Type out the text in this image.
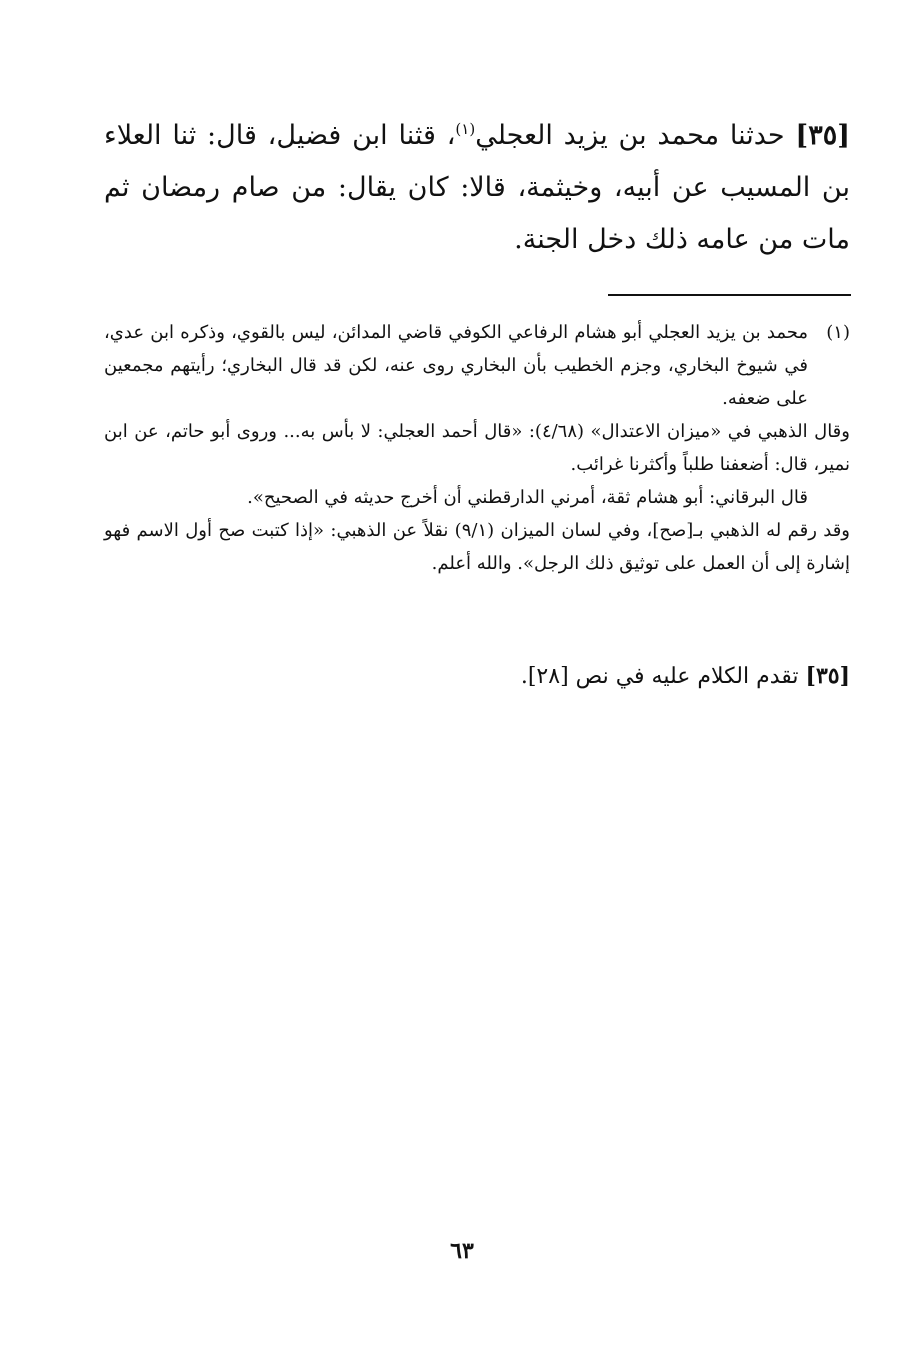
[٣٥] حدثنا محمد بن يزيد العجلي$^{(١)}$، قثنا ابن فضيل، قال: ثنا العلاء بن المسيب عن أبيه، وخيثمة، قالا: كان يقال: من صام رمضان ثم مات من عامه ذلك دخل الجنة.
(١)

محمد بن يزيد العجلي أبو هشام الرفاعي الكوفي قاضي المدائن، ليس بالقوي، وذكره ابن عدي، في شيوخ البخاري، وجزم الخطيب بأن البخاري روى عنه، لكن قد قال البخاري؛ رأيتهم مجمعين على ضعفه.

وقال الذهبي في «ميزان الاعتدال» (٤/٦٨): «قال أحمد العجلي: لا بأس به... وروى أبو حاتم، عن ابن نمير، قال: أضعفنا طلباً وأكثرنا غرائب.

قال البرقاني: أبو هشام ثقة، أمرني الدارقطني أن أخرج حديثه في الصحيح».

وقد رقم له الذهبي بـ[صح]، وفي لسان الميزان (٩/١) نقلاً عن الذهبي: «إذا كتبت صح أول الاسم فهو إشارة إلى أن العمل على توثيق ذلك الرجل». والله أعلم.

[٣٥] تقدم الكلام عليه في نص [٢٨].
٦٣
